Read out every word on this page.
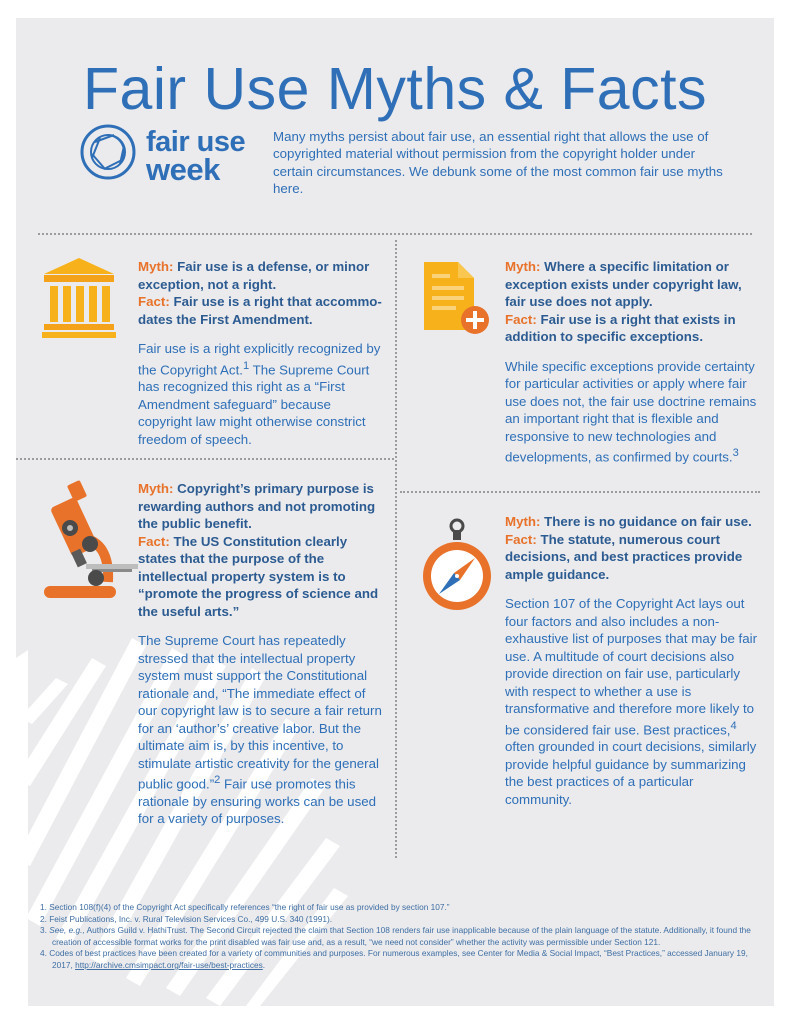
Fair Use Myths & Facts
fair use
week
Many myths persist about fair use, an essential right that allows the use of copyrighted material without permission from the copyright holder under certain circumstances. We debunk some of the most common fair use myths here.

Myth: Fair use is a defense, or minor exception, not a right.
Fact: Fair use is a right that accommo-dates the First Amendment.

Fair use is a right explicitly recognized by the Copyright Act.$^1$ The Supreme Court has recognized this right as a “First Amendment safeguard” because copyright law might otherwise constrict freedom of speech.

Myth: Where a specific limitation or exception exists under copyright law, fair use does not apply.
Fact: Fair use is a right that exists in addition to specific exceptions.

While specific exceptions provide certainty for particular activities or apply where fair use does not, the fair use doctrine remains an important right that is flexible and responsive to new technologies and developments, as confirmed by courts.$^3$

Myth: Copyright’s primary purpose is rewarding authors and not promoting the public benefit.
Fact: The US Constitution clearly states that the purpose of the intellectual property system is to “promote the progress of science and the useful arts.”

The Supreme Court has repeatedly stressed that the intellectual property system must support the Constitutional rationale and, “The immediate effect of our copyright law is to secure a fair return for an ‘author’s’ creative labor. But the ultimate aim is, by this incentive, to stimulate artistic creativity for the general public good.”$^2$ Fair use promotes this rationale by ensuring works can be used for a variety of purposes.

Myth: There is no guidance on fair use.
Fact: The statute, numerous court decisions, and best practices provide ample guidance.

Section 107 of the Copyright Act lays out four factors and also includes a non-exhaustive list of purposes that may be fair use. A multitude of court decisions also provide direction on fair use, particularly with respect to whether a use is transformative and therefore more likely to be considered fair use. Best practices,$^4$ often grounded in court decisions, similarly provide helpful guidance by summarizing the best practices of a particular community.

1. Section 108(f)(4) of the Copyright Act specifically references “the right of fair use as provided by section 107.”
2. Feist Publications, Inc. v. Rural Television Services Co., 499 U.S. 340 (1991).
3. See, e.g., Authors Guild v. HathiTrust. The Second Circuit rejected the claim that Section 108 renders fair use inapplicable because of the plain language of the statute. Additionally, it found the creation of accessible format works for the print disabled was fair use and, as a result, “we need not consider” whether the activity was permissible under Section 121.
4. Codes of best practices have been created for a variety of communities and purposes. For numerous examples, see Center for Media & Social Impact, “Best Practices,” accessed January 19, 2017, http://archive.cmsimpact.org/fair-use/best-practices.
